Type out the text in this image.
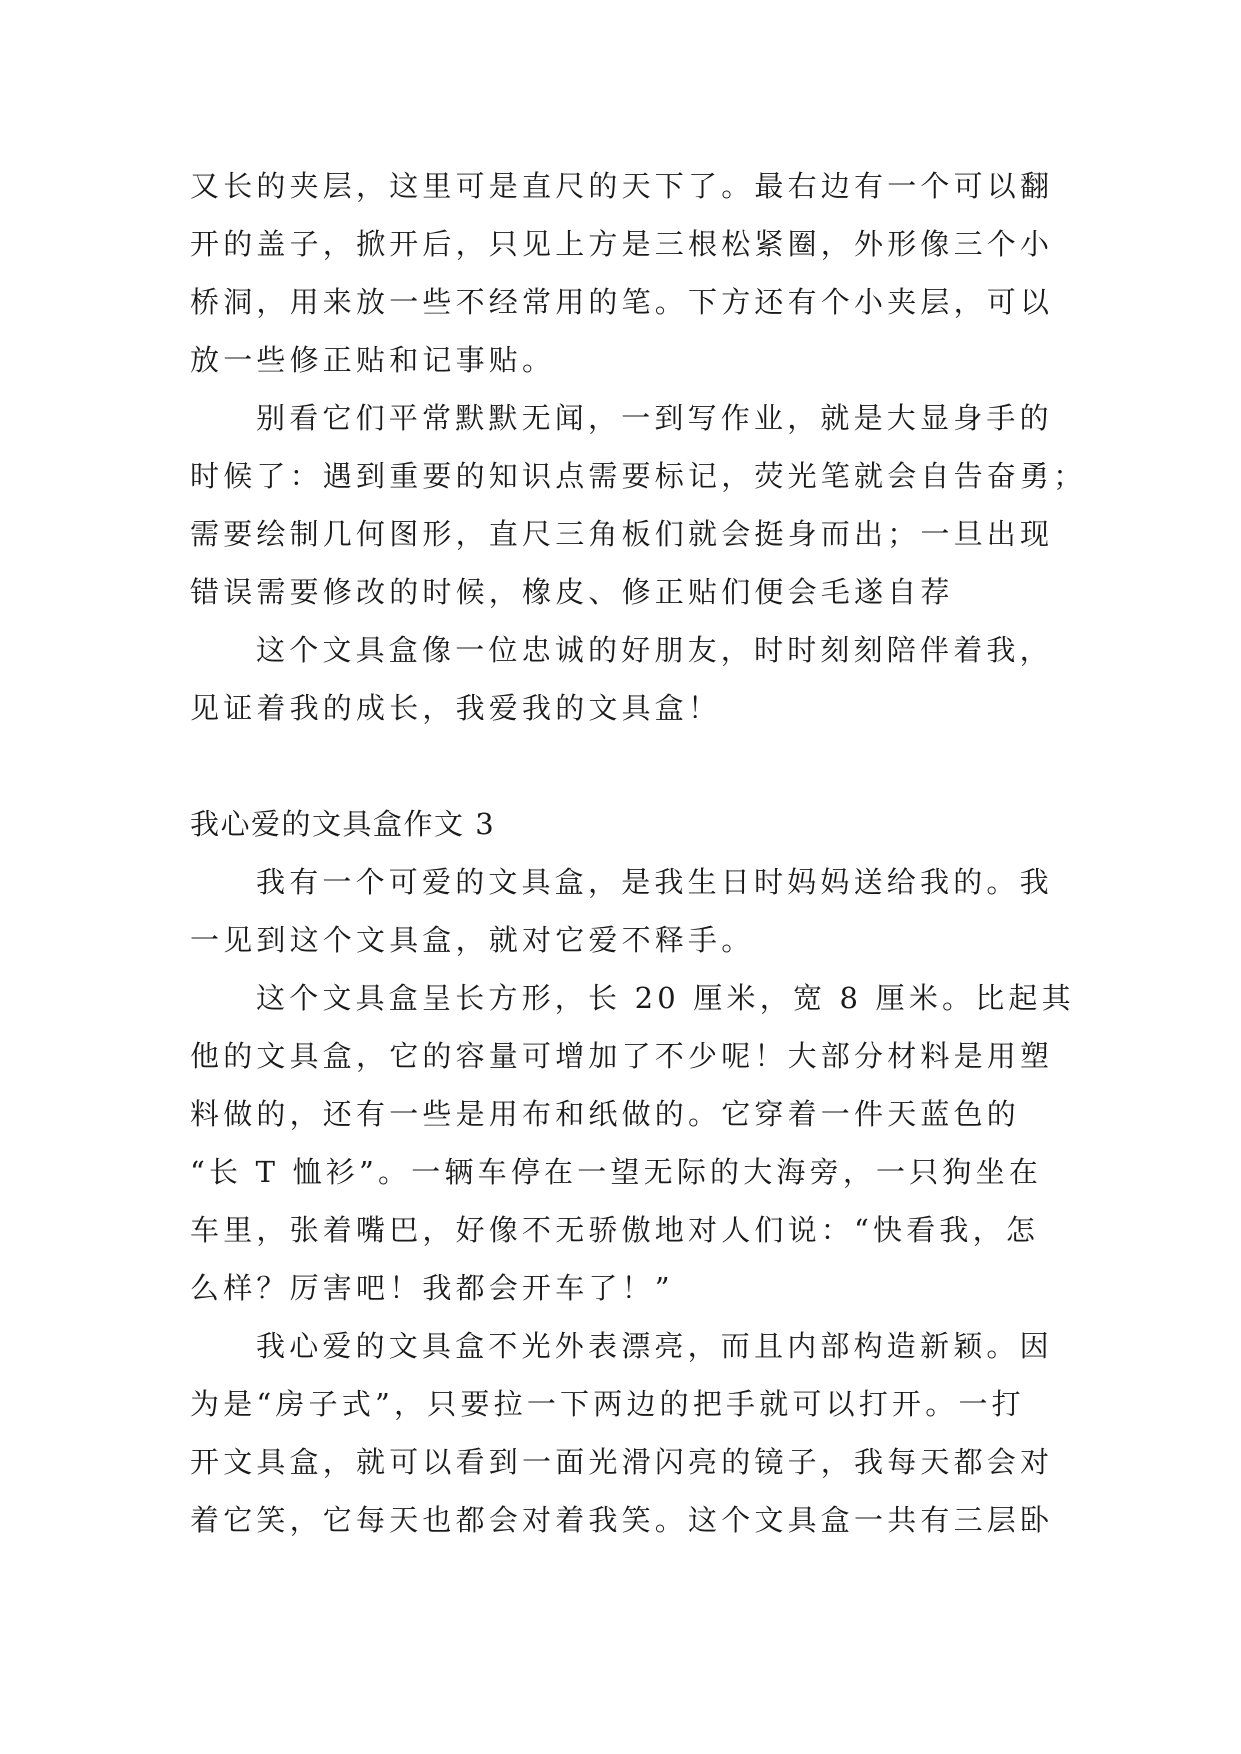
又长的夹层，这里可是直尺的天下了。最右边有一个可以翻
开的盖子，掀开后，只见上方是三根松紧圈，外形像三个小
桥洞，用来放一些不经常用的笔。下方还有个小夹层，可以
放一些修正贴和记事贴。
别看它们平常默默无闻，一到写作业，就是大显身手的
时候了：遇到重要的知识点需要标记，荧光笔就会自告奋勇；
需要绘制几何图形，直尺三角板们就会挺身而出；一旦出现
错误需要修改的时候，橡皮、修正贴们便会毛遂自荐
这个文具盒像一位忠诚的好朋友，时时刻刻陪伴着我，
见证着我的成长，我爱我的文具盒！
我心爱的文具盒作文 3
我有一个可爱的文具盒，是我生日时妈妈送给我的。我
一见到这个文具盒，就对它爱不释手。
这个文具盒呈长方形，长 20 厘米，宽 8 厘米。比起其
他的文具盒，它的容量可增加了不少呢！大部分材料是用塑
料做的，还有一些是用布和纸做的。它穿着一件天蓝色的
“长 T 恤衫”。一辆车停在一望无际的大海旁，一只狗坐在
车里，张着嘴巴，好像不无骄傲地对人们说：“快看我，怎
么样？厉害吧！我都会开车了！”
我心爱的文具盒不光外表漂亮，而且内部构造新颖。因
为是“房子式”，只要拉一下两边的把手就可以打开。一打
开文具盒，就可以看到一面光滑闪亮的镜子，我每天都会对
着它笑，它每天也都会对着我笑。这个文具盒一共有三层卧
